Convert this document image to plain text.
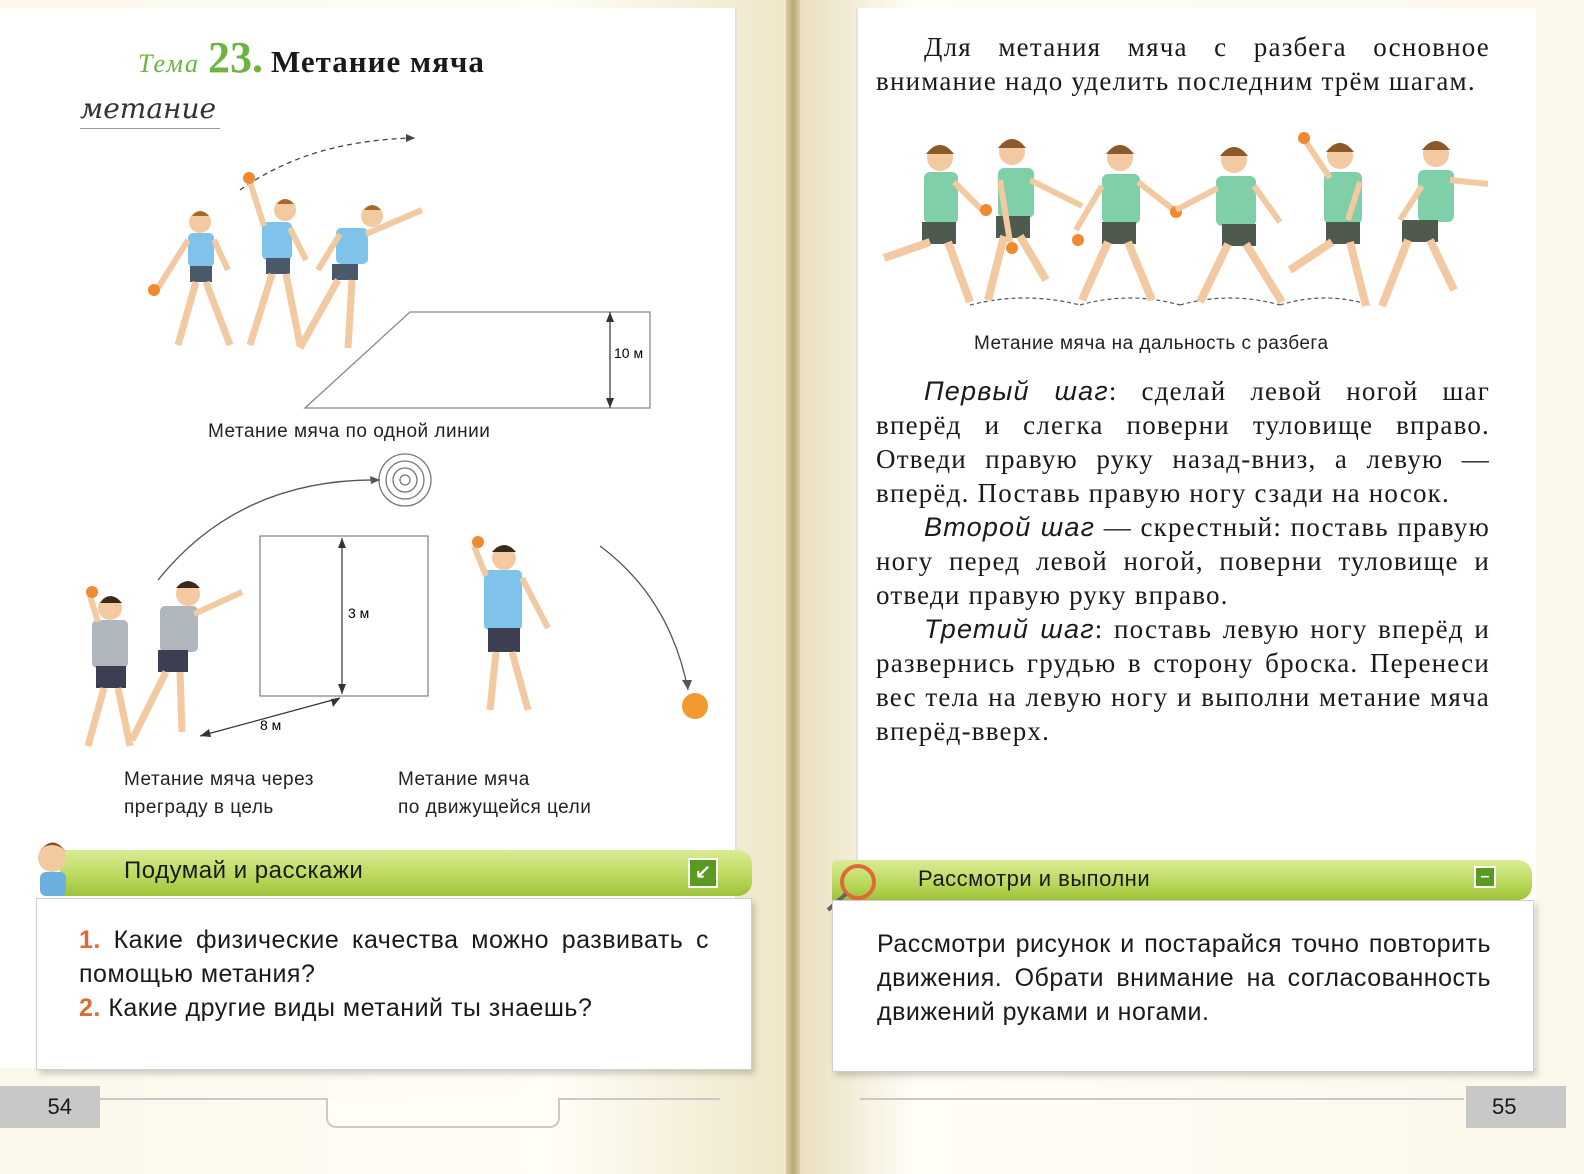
Тема 23. Метание мяча
метание
10 м
Метание мяча по одной линии
3 м
8 м
Метание мяча через
преграду в цель
Метание мяча
по движущейся цели
Подумай и расскажи	↙
1. Какие физические качества можно развивать с помощью метания?
2. Какие другие виды метаний ты знаешь?
54

Для метания мяча с разбега основное внимание надо уделить последним трём шагам.

Метание мяча на дальность с разбега

Первый шаг: сделай левой ногой шаг вперёд и слегка поверни туловище вправо. Отведи правую руку назад-вниз, а левую — вперёд. Поставь правую ногу сзади на носок.

Второй шаг — скрестный: поставь правую ногу перед левой ногой, поверни туловище и отведи правую руку вправо.

Третий шаг: поставь левую ногу вперёд и развернись грудью в сторону броска. Перенеси вес тела на левую ногу и выполни метание мяча вперёд-вверх.

Рассмотри и выполни	–
Рассмотри рисунок и постарайся точно повторить движения. Обрати внимание на согласованность движений руками и ногами.
55
